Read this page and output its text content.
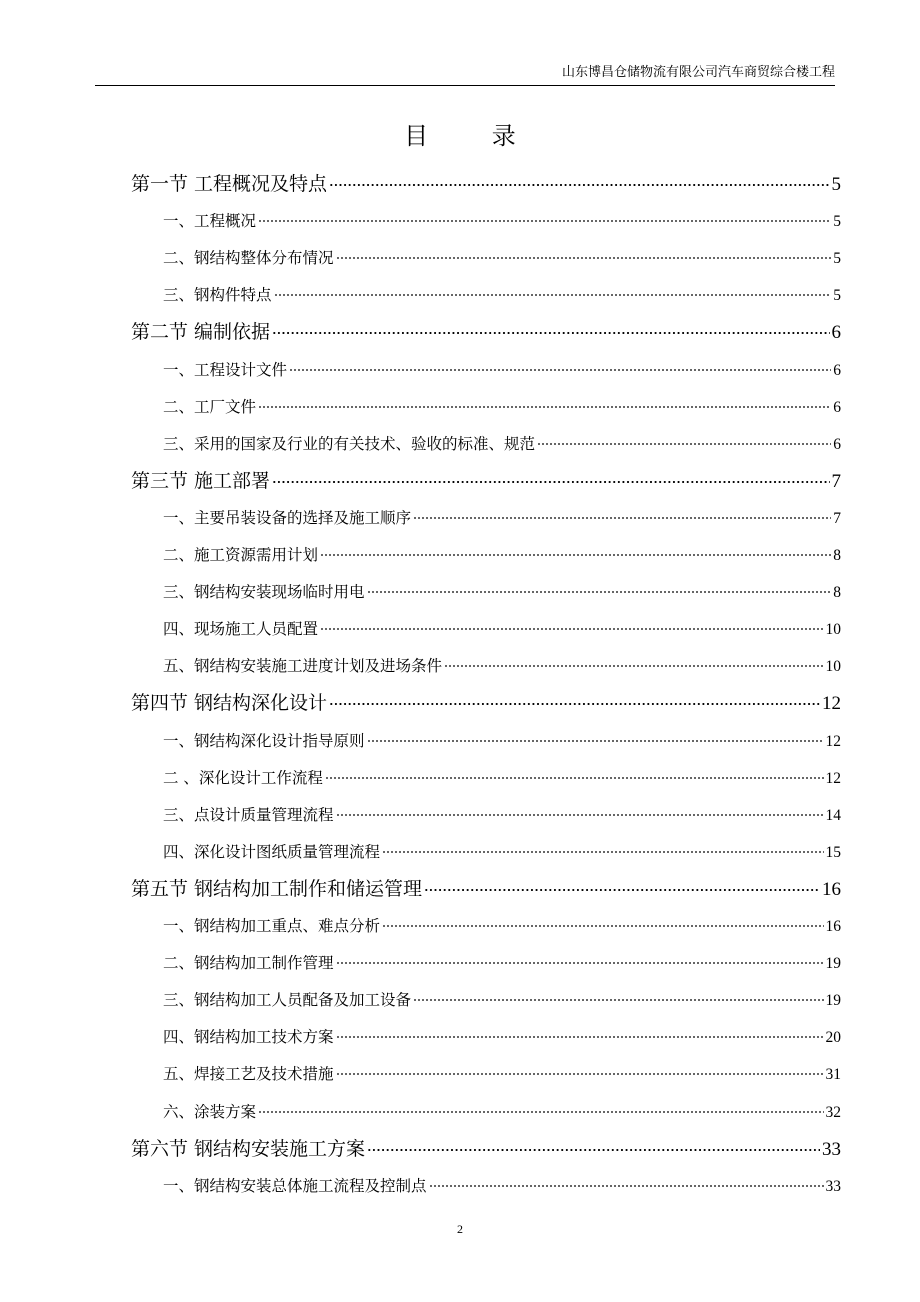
山东博昌仓储物流有限公司汽车商贸综合楼工程
目 录
第一节 工程概况及特点	5
一、工程概况	5
二、钢结构整体分布情况	5
三、钢构件特点	5
第二节 编制依据	6
一、工程设计文件	6
二、工厂文件	6
三、采用的国家及行业的有关技术、验收的标准、规范	6
第三节 施工部署	7
一、主要吊装设备的选择及施工顺序	7
二、施工资源需用计划	8
三、钢结构安装现场临时用电	8
四、现场施工人员配置	10
五、钢结构安装施工进度计划及进场条件	10
第四节 钢结构深化设计	12
一、钢结构深化设计指导原则	12
二 、深化设计工作流程	12
三、点设计质量管理流程	14
四、深化设计图纸质量管理流程	15
第五节 钢结构加工制作和储运管理	16
一、钢结构加工重点、难点分析	16
二、钢结构加工制作管理	19
三、钢结构加工人员配备及加工设备	19
四、钢结构加工技术方案	20
五、焊接工艺及技术措施	31
六、涂装方案	32
第六节 钢结构安装施工方案	33
一、钢结构安装总体施工流程及控制点	33
2
